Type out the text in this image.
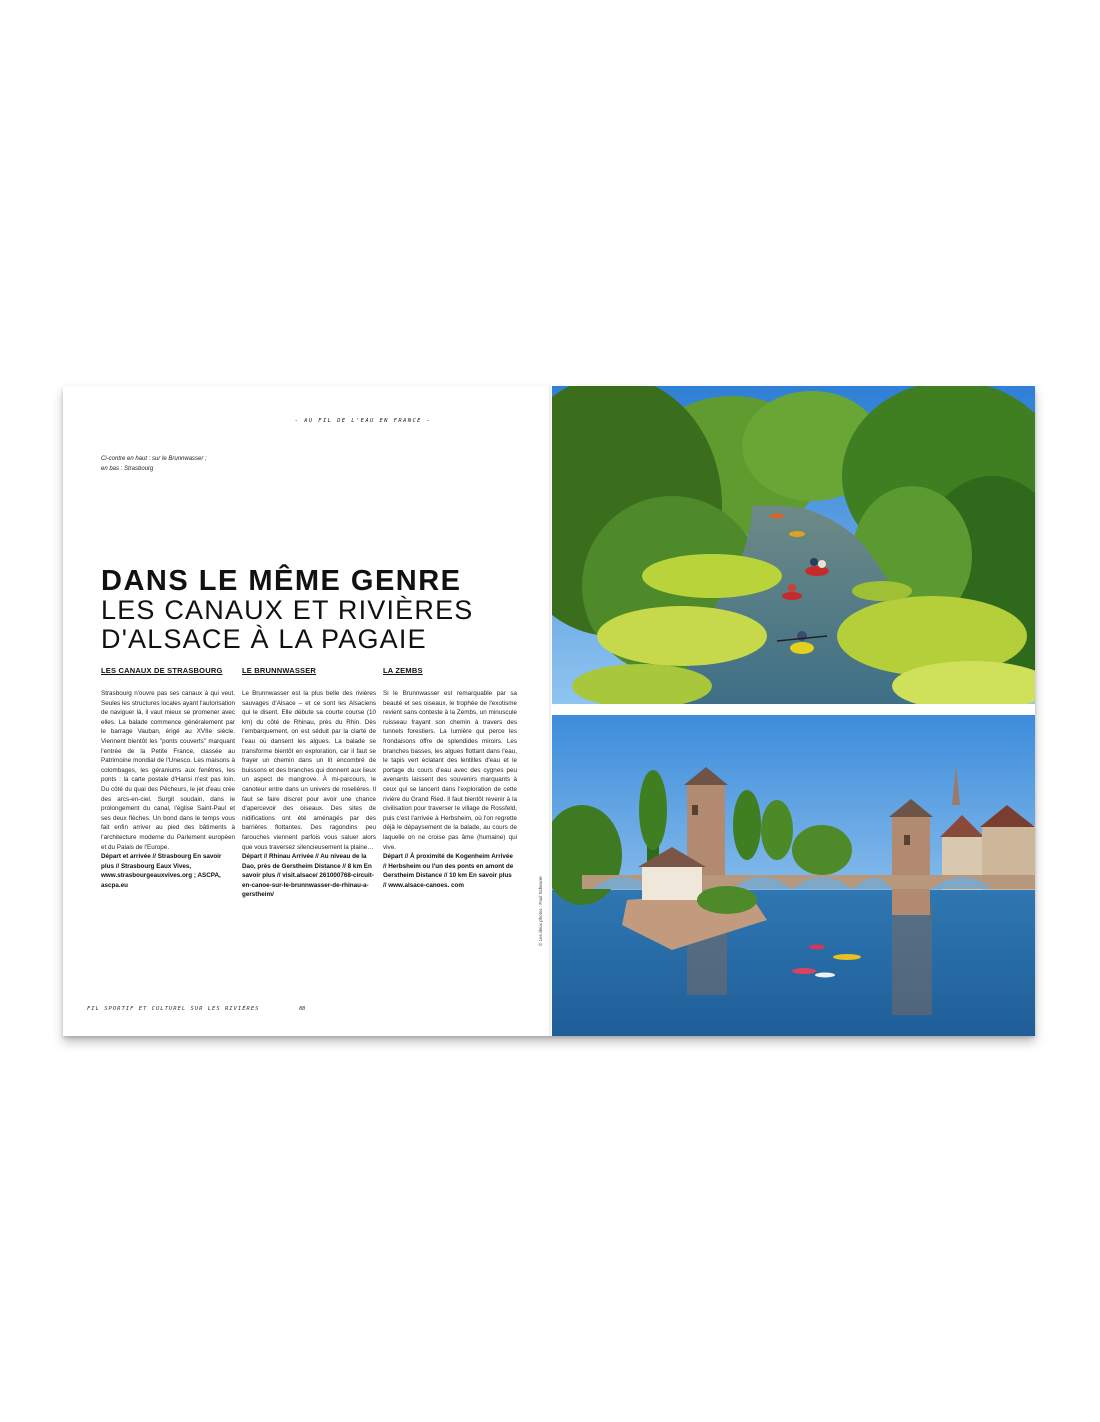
- AU FIL DE L'EAU EN FRANCE -
Ci-contre en haut : sur le Brunnwasser ;
en bas : Strasbourg
DANS LE MÊME GENRE
LES CANAUX ET RIVIÈRES
D'ALSACE À LA PAGAIE
LES CANAUX DE STRASBOURG
Strasbourg n'ouvre pas ses canaux à qui veut. Seules les structures locales ayant l'autorisation de naviguer là, il vaut mieux se promener avec elles. La balade commence généralement par le barrage Vauban, érigé au XVIIe siècle. Viennent bientôt les "ponts couverts" marquant l'entrée de la Petite France, classée au Patrimoine mondial de l'Unesco. Les maisons à colombages, les géraniums aux fenêtres, les ponts : la carte postale d'Hansi n'est pas loin. Du côté du quai des Pêcheurs, le jet d'eau crée des arcs-en-ciel. Surgit soudain, dans le prolongement du canal, l'église Saint-Paul et ses deux flèches. Un bond dans le temps vous fait enfin arriver au pied des bâtiments à l'architecture moderne du Parlement européen et du Palais de l'Europe.
Départ et arrivée // Strasbourg En savoir plus // Strasbourg Eaux Vives, www.strasbourgeauxvives.org ; ASCPA, ascpa.eu
LE BRUNNWASSER
Le Brunnwasser est la plus belle des rivières sauvages d'Alsace – et ce sont les Alsaciens qui le disent. Elle débute sa courte course (10 km) du côté de Rhinau, près du Rhin. Dès l'embarquement, on est séduit par la clarté de l'eau où dansent les algues. La balade se transforme bientôt en exploration, car il faut se frayer un chemin dans un lit encombré de buissons et des branches qui donnent aux lieux un aspect de mangrove. À mi-parcours, le canoteur entre dans un univers de roselières. Il faut se faire discret pour avoir une chance d'apercevoir des oiseaux. Des sites de nidifications ont été aménagés par des barrières flottantes. Des ragondins peu farouches viennent parfois vous saluer alors que vous traversez silencieusement la plaine…
Départ // Rhinau Arrivée // Au niveau de la Dao, près de Gerstheim Distance // 8 km En savoir plus // visit.alsace/ 261000768-circuit-en-canoe-sur-le-brunnwasser-de-rhinau-a-gerstheim/
LA ZEMBS
Si le Brunnwasser est remarquable par sa beauté et ses oiseaux, le trophée de l'exotisme revient sans conteste à la Zembs, un minuscule ruisseau frayant son chemin à travers des tunnels forestiers. La lumière qui perce les frondaisons offre de splendides miroirs. Les branches basses, les algues flottant dans l'eau, le tapis vert éclatant des lentilles d'eau et le portage du cours d'eau avec des cygnes peu avenants laissent des souvenirs marquants à ceux qui se lancent dans l'exploration de cette rivière du Grand Ried. Il faut bientôt revenir à la civilisation pour traverser le village de Rossfeld, puis c'est l'arrivée à Herbsheim, où l'on regrette déjà le dépaysement de la balade, au cours de laquelle on ne croise pas âme (humaine) qui vive.
Départ // À proximité de Kogenheim Arrivée // Herbsheim ou l'un des ponts en amont de Gerstheim Distance // 10 km En savoir plus // www.alsace-canoes. com
FIL SPORTIF ET CULTUREL SUR LES RIVIÈRES	88
© Les deux photos : Paul Scheurer
